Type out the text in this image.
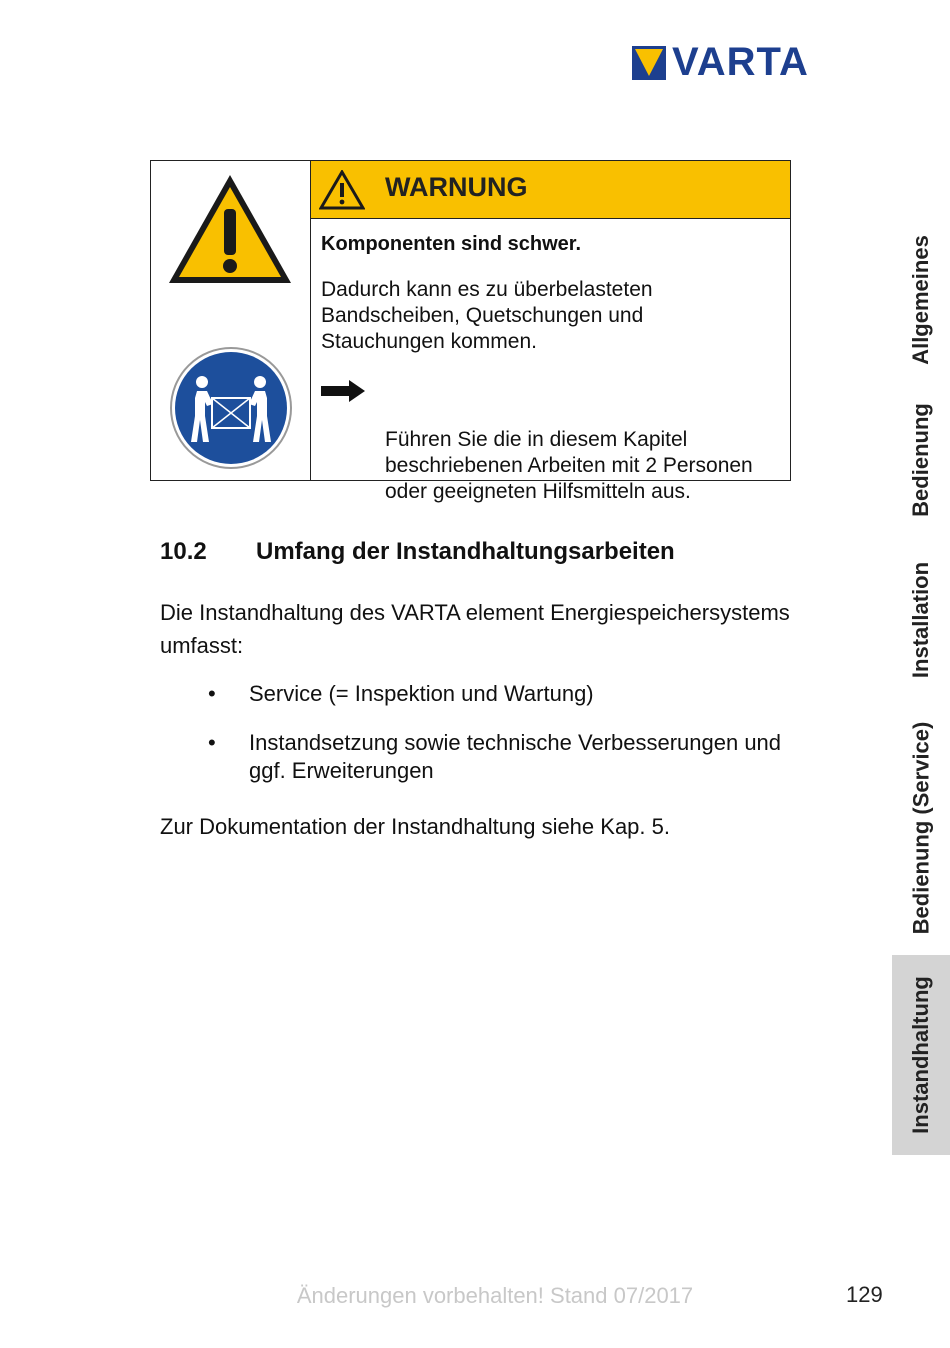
VARTA
WARNUNG

Komponenten sind schwer.

Dadurch kann es zu überbelasteten
Bandscheiben, Quetschungen und
Stauchungen kommen.

Führen Sie die in diesem Kapitel
beschriebenen Arbeiten mit 2 Personen
oder geeigneten Hilfsmitteln aus.

10.2 Umfang der Instandhaltungsarbeiten

Die Instandhaltung des VARTA element Energiespeichersystems umfasst:

• Service (= Inspektion und Wartung)
• Instandsetzung sowie technische Verbesserungen und
ggf. Erweiterungen

Zur Dokumentation der Instandhaltung siehe Kap. 5.

Allgemeines
Bedienung
Installation
Bedienung (Service)
Instandhaltung
Änderungen vorbehalten! Stand 07/2017	129
